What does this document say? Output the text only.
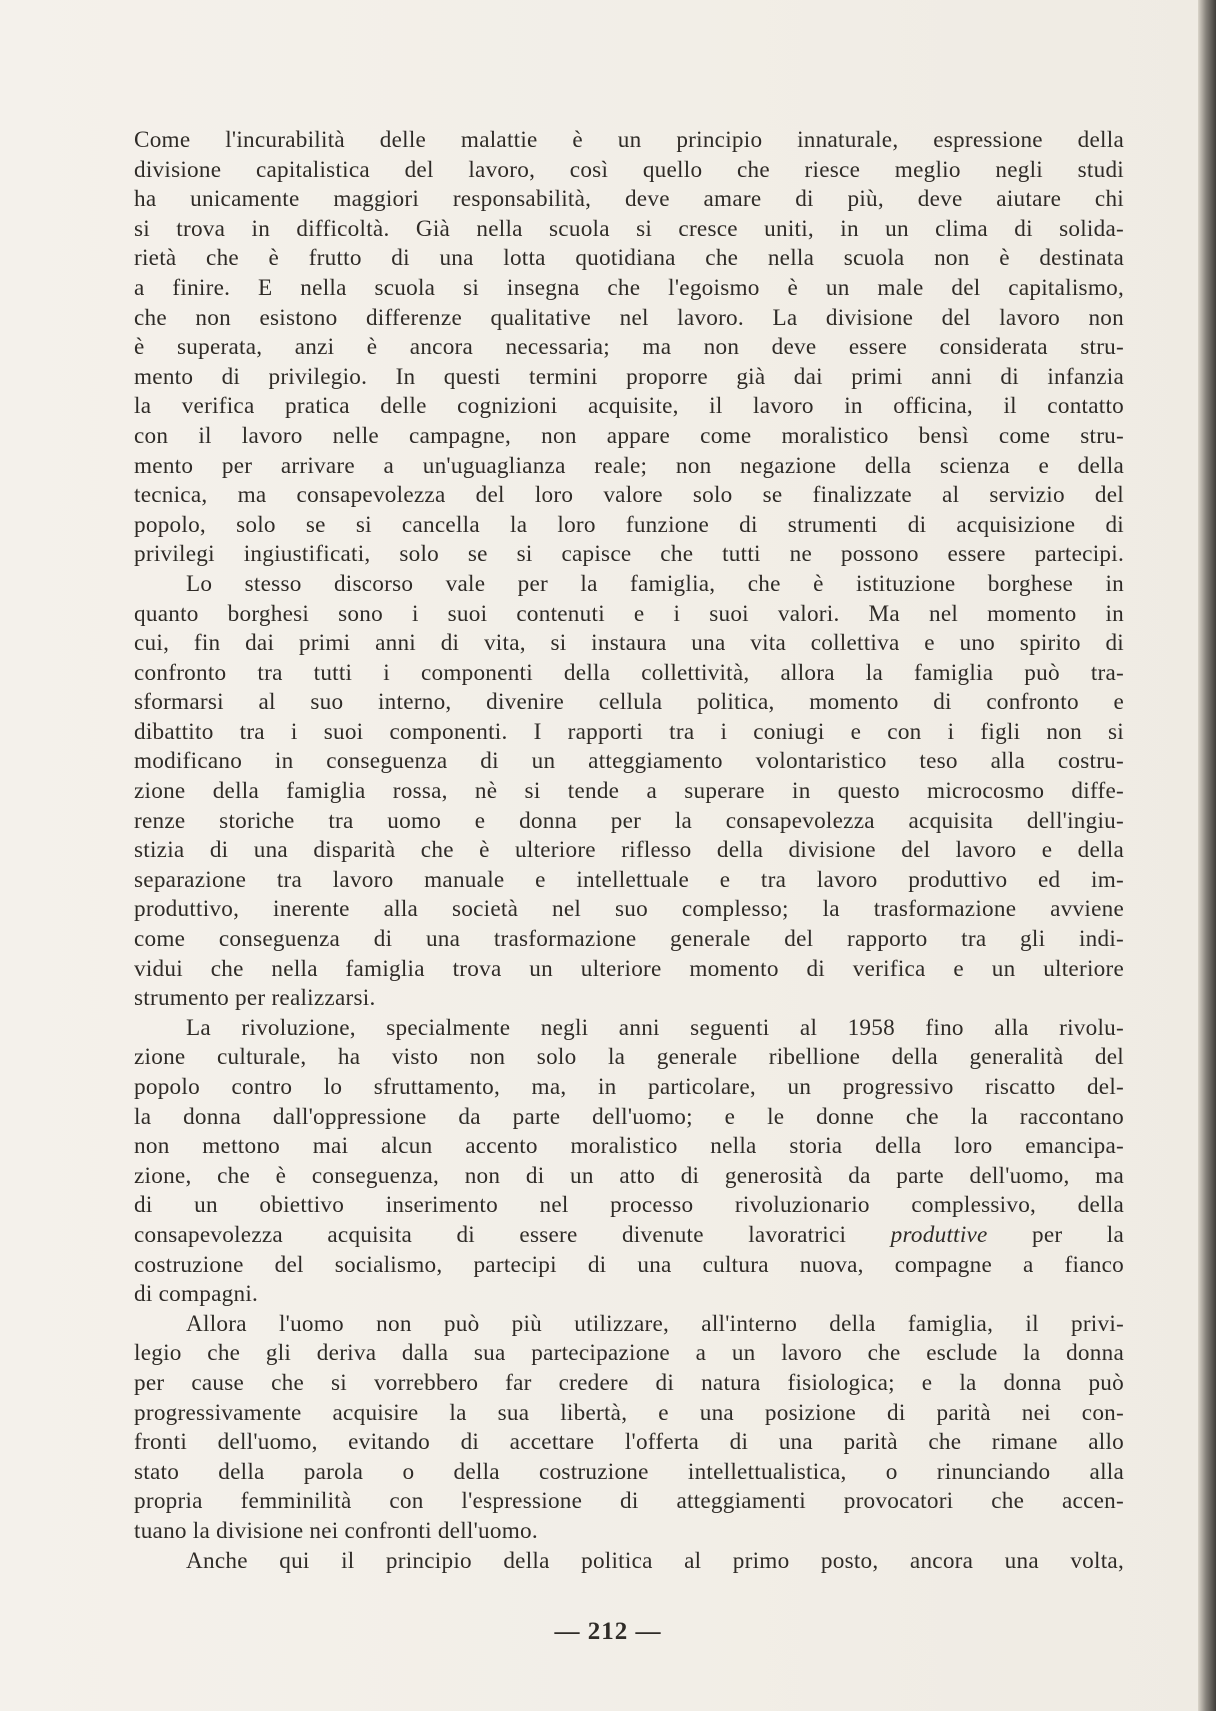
Come l'incurabilità delle malattie è un principio innaturale, espressione della
divisione capitalistica del lavoro, così quello che riesce meglio negli studi
ha unicamente maggiori responsabilità, deve amare di più, deve aiutare chi
si trova in difficoltà. Già nella scuola si cresce uniti, in un clima di solida-
rietà che è frutto di una lotta quotidiana che nella scuola non è destinata
a finire. E nella scuola si insegna che l'egoismo è un male del capitalismo,
che non esistono differenze qualitative nel lavoro. La divisione del lavoro non
è superata, anzi è ancora necessaria; ma non deve essere considerata stru-
mento di privilegio. In questi termini proporre già dai primi anni di infanzia
la verifica pratica delle cognizioni acquisite, il lavoro in officina, il contatto
con il lavoro nelle campagne, non appare come moralistico bensì come stru-
mento per arrivare a un'uguaglianza reale; non negazione della scienza e della
tecnica, ma consapevolezza del loro valore solo se finalizzate al servizio del
popolo, solo se si cancella la loro funzione di strumenti di acquisizione di
privilegi ingiustificati, solo se si capisce che tutti ne possono essere partecipi.
Lo stesso discorso vale per la famiglia, che è istituzione borghese in
quanto borghesi sono i suoi contenuti e i suoi valori. Ma nel momento in
cui, fin dai primi anni di vita, si instaura una vita collettiva e uno spirito di
confronto tra tutti i componenti della collettività, allora la famiglia può tra-
sformarsi al suo interno, divenire cellula politica, momento di confronto e
dibattito tra i suoi componenti. I rapporti tra i coniugi e con i figli non si
modificano in conseguenza di un atteggiamento volontaristico teso alla costru-
zione della famiglia rossa, nè si tende a superare in questo microcosmo diffe-
renze storiche tra uomo e donna per la consapevolezza acquisita dell'ingiu-
stizia di una disparità che è ulteriore riflesso della divisione del lavoro e della
separazione tra lavoro manuale e intellettuale e tra lavoro produttivo ed im-
produttivo, inerente alla società nel suo complesso; la trasformazione avviene
come conseguenza di una trasformazione generale del rapporto tra gli indi-
vidui che nella famiglia trova un ulteriore momento di verifica e un ulteriore
strumento per realizzarsi.
La rivoluzione, specialmente negli anni seguenti al 1958 fino alla rivolu-
zione culturale, ha visto non solo la generale ribellione della generalità del
popolo contro lo sfruttamento, ma, in particolare, un progressivo riscatto del-
la donna dall'oppressione da parte dell'uomo; e le donne che la raccontano
non mettono mai alcun accento moralistico nella storia della loro emancipa-
zione, che è conseguenza, non di un atto di generosità da parte dell'uomo, ma
di un obiettivo inserimento nel processo rivoluzionario complessivo, della
consapevolezza acquisita di essere divenute lavoratrici produttive per la
costruzione del socialismo, partecipi di una cultura nuova, compagne a fianco
di compagni.
Allora l'uomo non può più utilizzare, all'interno della famiglia, il privi-
legio che gli deriva dalla sua partecipazione a un lavoro che esclude la donna
per cause che si vorrebbero far credere di natura fisiologica; e la donna può
progressivamente acquisire la sua libertà, e una posizione di parità nei con-
fronti dell'uomo, evitando di accettare l'offerta di una parità che rimane allo
stato della parola o della costruzione intellettualistica, o rinunciando alla
propria femminilità con l'espressione di atteggiamenti provocatori che accen-
tuano la divisione nei confronti dell'uomo.
Anche qui il principio della politica al primo posto, ancora una volta,
— 212 —
